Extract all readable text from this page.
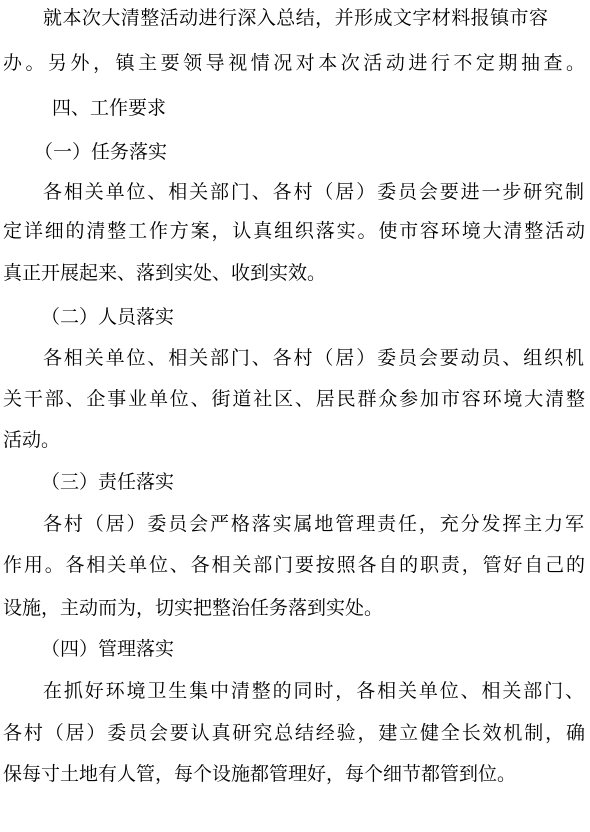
就本次大清整活动进行深入总结，并形成文字材料报镇市容
办。另外，镇主要领导视情况对本次活动进行不定期抽查。
四、工作要求
（一）任务落实
各相关单位、相关部门、各村（居）委员会要进一步研究制
定详细的清整工作方案，认真组织落实。使市容环境大清整活动
真正开展起来、落到实处、收到实效。
（二）人员落实
各相关单位、相关部门、各村（居）委员会要动员、组织机
关干部、企事业单位、街道社区、居民群众参加市容环境大清整
活动。
（三）责任落实
各村（居）委员会严格落实属地管理责任，充分发挥主力军
作用。各相关单位、各相关部门要按照各自的职责，管好自己的
设施，主动而为，切实把整治任务落到实处。
（四）管理落实
在抓好环境卫生集中清整的同时，各相关单位、相关部门、
各村（居）委员会要认真研究总结经验，建立健全长效机制，确
保每寸土地有人管，每个设施都管理好，每个细节都管到位。
